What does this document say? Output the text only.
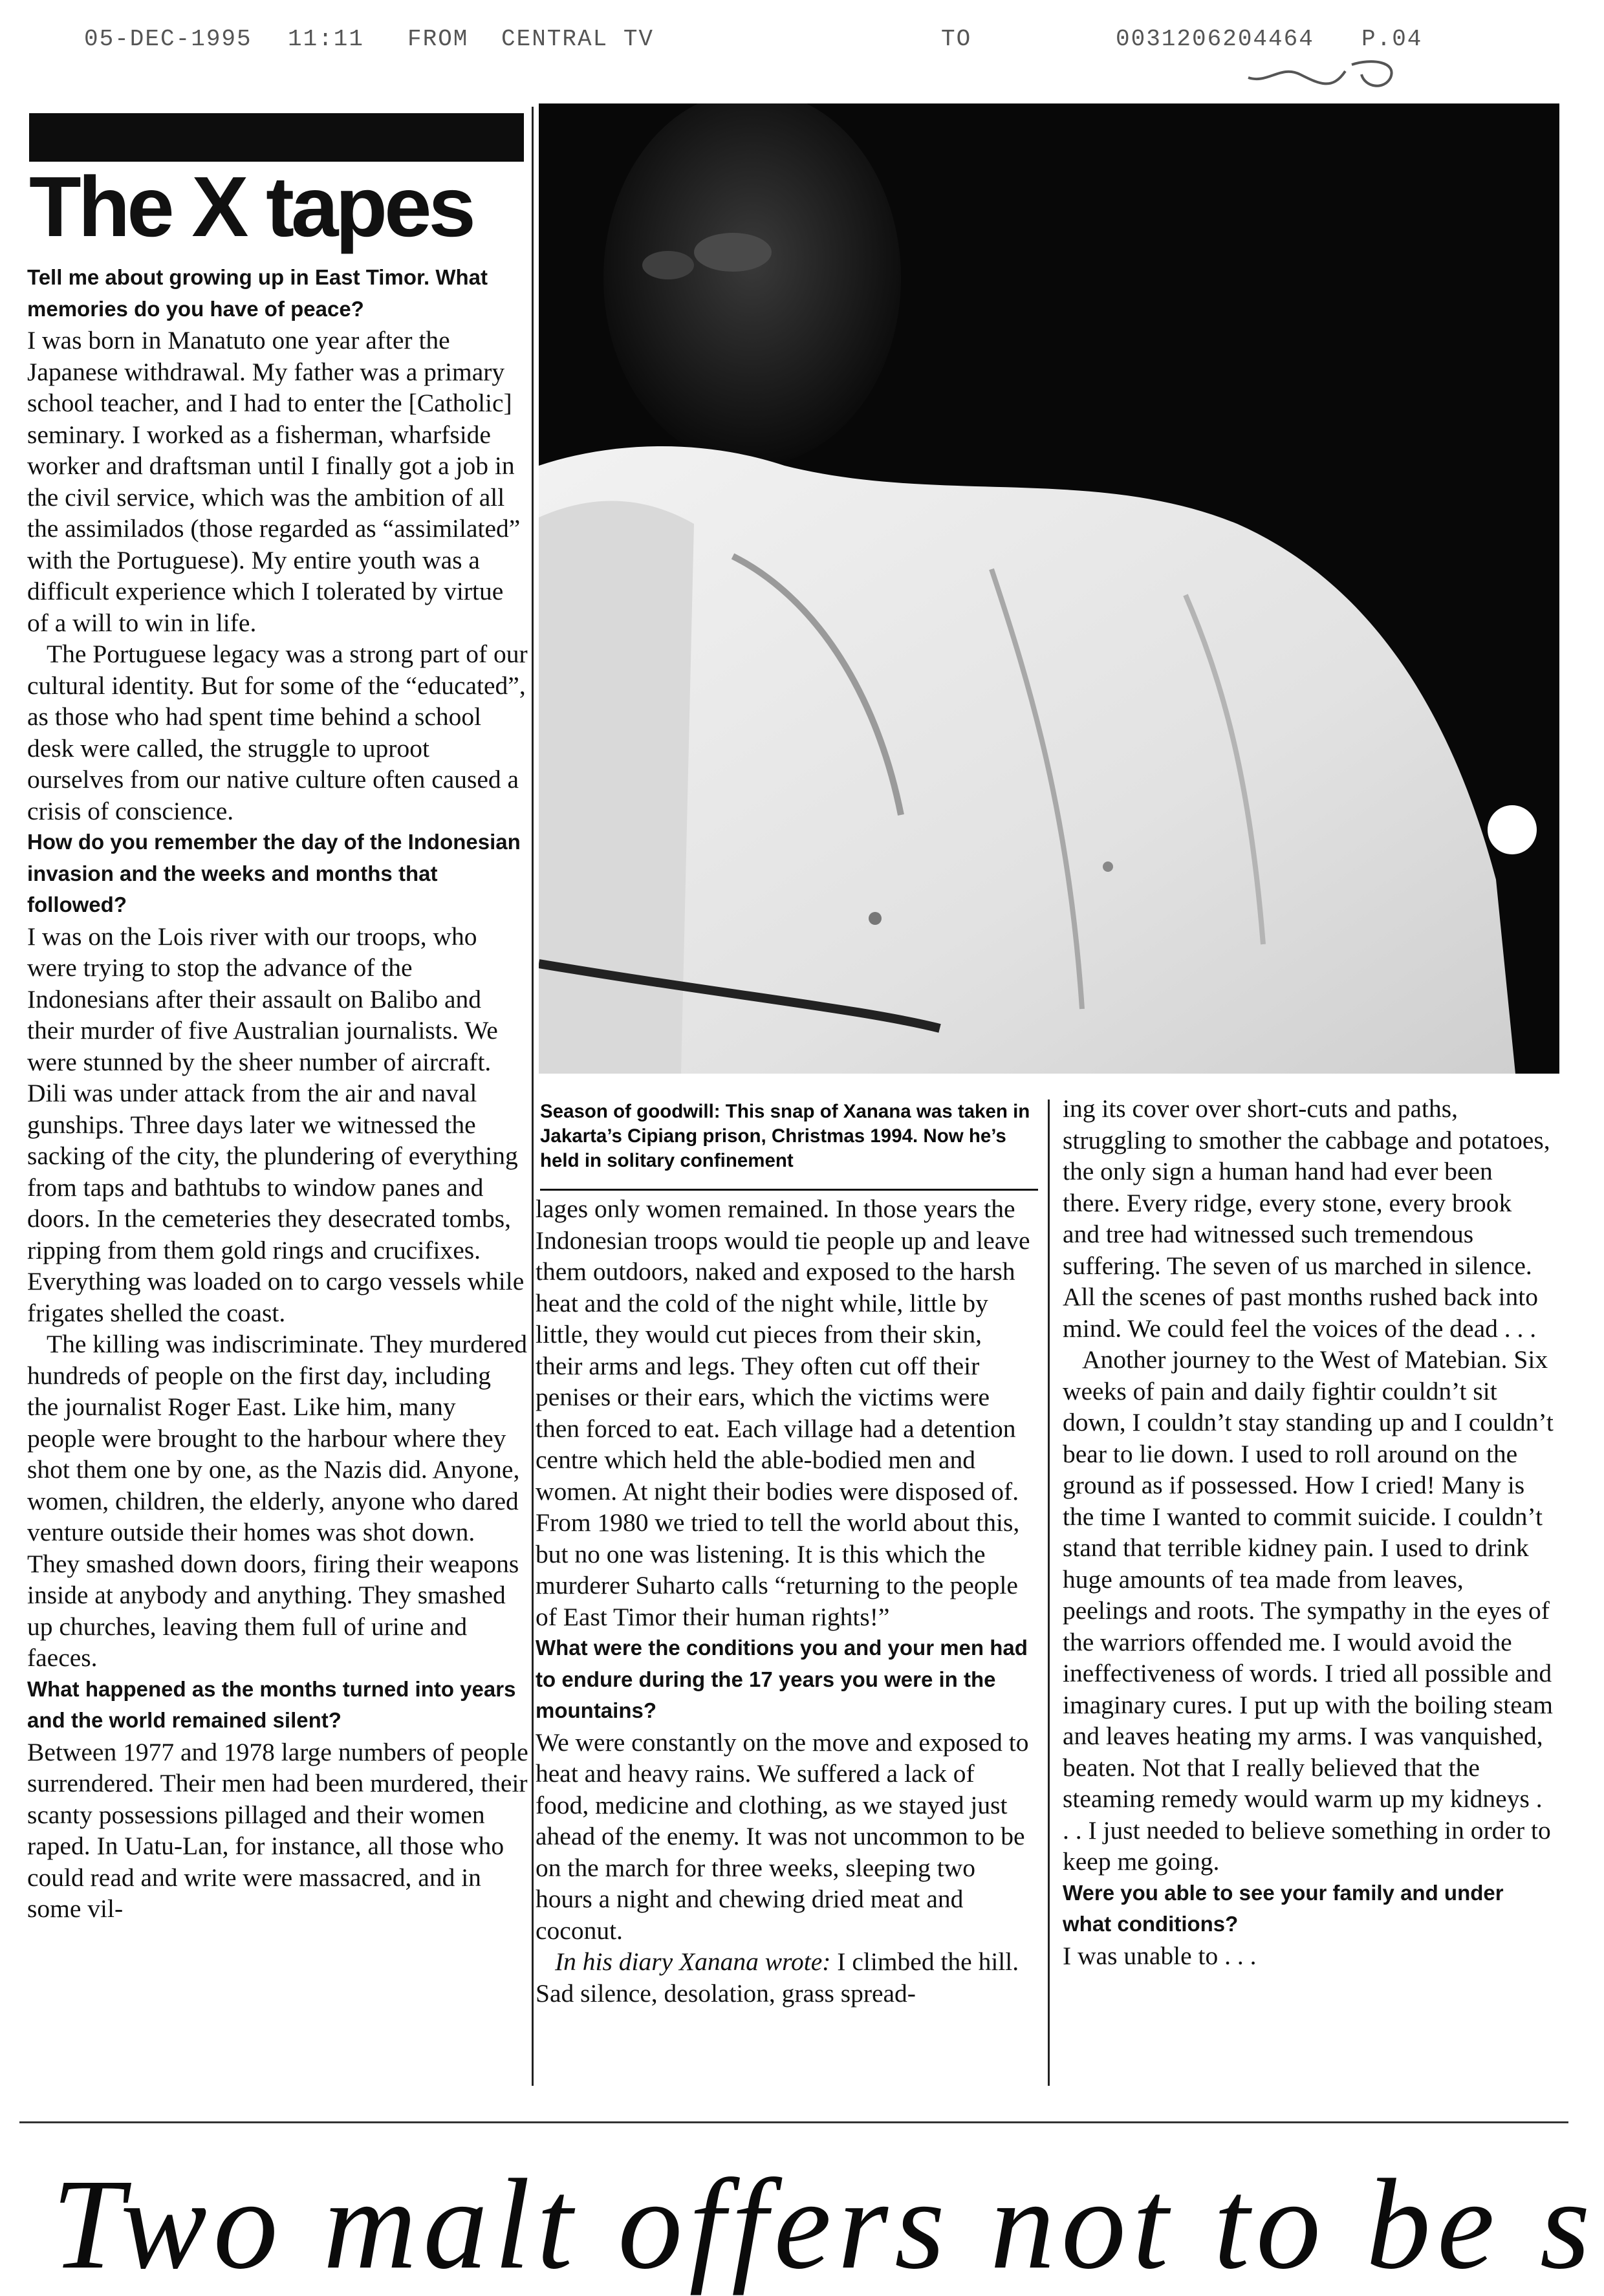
05-DEC-1995 11:11 FROM CENTRAL TV	TO	0031206204464 P.04
The X tapes

Tell me about growing up in East Timor. What memories do you have of peace?

I was born in Manatuto one year after the Japanese withdrawal. My father was a primary school teacher, and I had to enter the [Catholic] seminary. I worked as a fisherman, wharfside worker and draftsman until I finally got a job in the civil service, which was the ambition of all the assimilados (those regarded as “assimilated” with the Portuguese). My entire youth was a difficult experience which I tolerated by virtue of a will to win in life.

The Portuguese legacy was a strong part of our cultural identity. But for some of the “educated”, as those who had spent time behind a school desk were called, the struggle to uproot ourselves from our native culture often caused a crisis of conscience.

How do you remember the day of the Indonesian invasion and the weeks and months that followed?

I was on the Lois river with our troops, who were trying to stop the advance of the Indonesians after their assault on Balibo and their murder of five Australian journalists. We were stunned by the sheer number of aircraft. Dili was under attack from the air and naval gunships. Three days later we witnessed the sacking of the city, the plundering of everything from taps and bathtubs to window panes and doors. In the cemeteries they desecrated tombs, ripping from them gold rings and crucifixes. Everything was loaded on to cargo vessels while frigates shelled the coast.

The killing was indiscriminate. They murdered hundreds of people on the first day, including the journalist Roger East. Like him, many people were brought to the harbour where they shot them one by one, as the Nazis did. Anyone, women, children, the elderly, anyone who dared venture outside their homes was shot down. They smashed down doors, firing their weapons inside at anybody and anything. They smashed up churches, leaving them full of urine and faeces.

What happened as the months turned into years and the world remained silent?

Between 1977 and 1978 large numbers of people surrendered. Their men had been murdered, their scanty possessions pillaged and their women raped. In Uatu-Lan, for instance, all those who could read and write were massacred, and in some vil-

Season of goodwill: This snap of Xanana was taken in Jakarta’s Cipiang prison, Christmas 1994. Now he’s held in solitary confinement

lages only women remained. In those years the Indonesian troops would tie people up and leave them outdoors, naked and exposed to the harsh heat and the cold of the night while, little by little, they would cut pieces from their skin, their arms and legs. They often cut off their penises or their ears, which the victims were then forced to eat. Each village had a detention centre which held the able-bodied men and women. At night their bodies were disposed of. From 1980 we tried to tell the world about this, but no one was listening. It is this which the murderer Suharto calls “returning to the people of East Timor their human rights!”

What were the conditions you and your men had to endure during the 17 years you were in the mountains?

We were constantly on the move and exposed to heat and heavy rains. We suffered a lack of food, medicine and clothing, as we stayed just ahead of the enemy. It was not uncommon to be on the march for three weeks, sleeping two hours a night and chewing dried meat and coconut.

In his diary Xanana wrote: I climbed the hill. Sad silence, desolation, grass spread-

ing its cover over short-cuts and paths, struggling to smother the cabbage and potatoes, the only sign a human hand had ever been there. Every ridge, every stone, every brook and tree had witnessed such tremendous suffering. The seven of us marched in silence. All the scenes of past months rushed back into mind. We could feel the voices of the dead . . .

Another journey to the West of Matebian. Six weeks of pain and daily fightir couldn’t sit down, I couldn’t stay standing up and I couldn’t bear to lie down. I used to roll around on the ground as if possessed. How I cried! Many is the time I wanted to commit suicide. I couldn’t stand that terrible kidney pain. I used to drink huge amounts of tea made from leaves, peelings and roots. The sympathy in the eyes of the warriors offended me. I would avoid the ineffectiveness of words. I tried all possible and imaginary cures. I put up with the boiling steam and leaves heating my arms. I was vanquished, beaten. Not that I really believed that the steaming remedy would warm up my kidneys . . . I just needed to believe something in order to keep me going.

Were you able to see your family and under what conditions?

I was unable to . . .

Two malt offers not to be s
